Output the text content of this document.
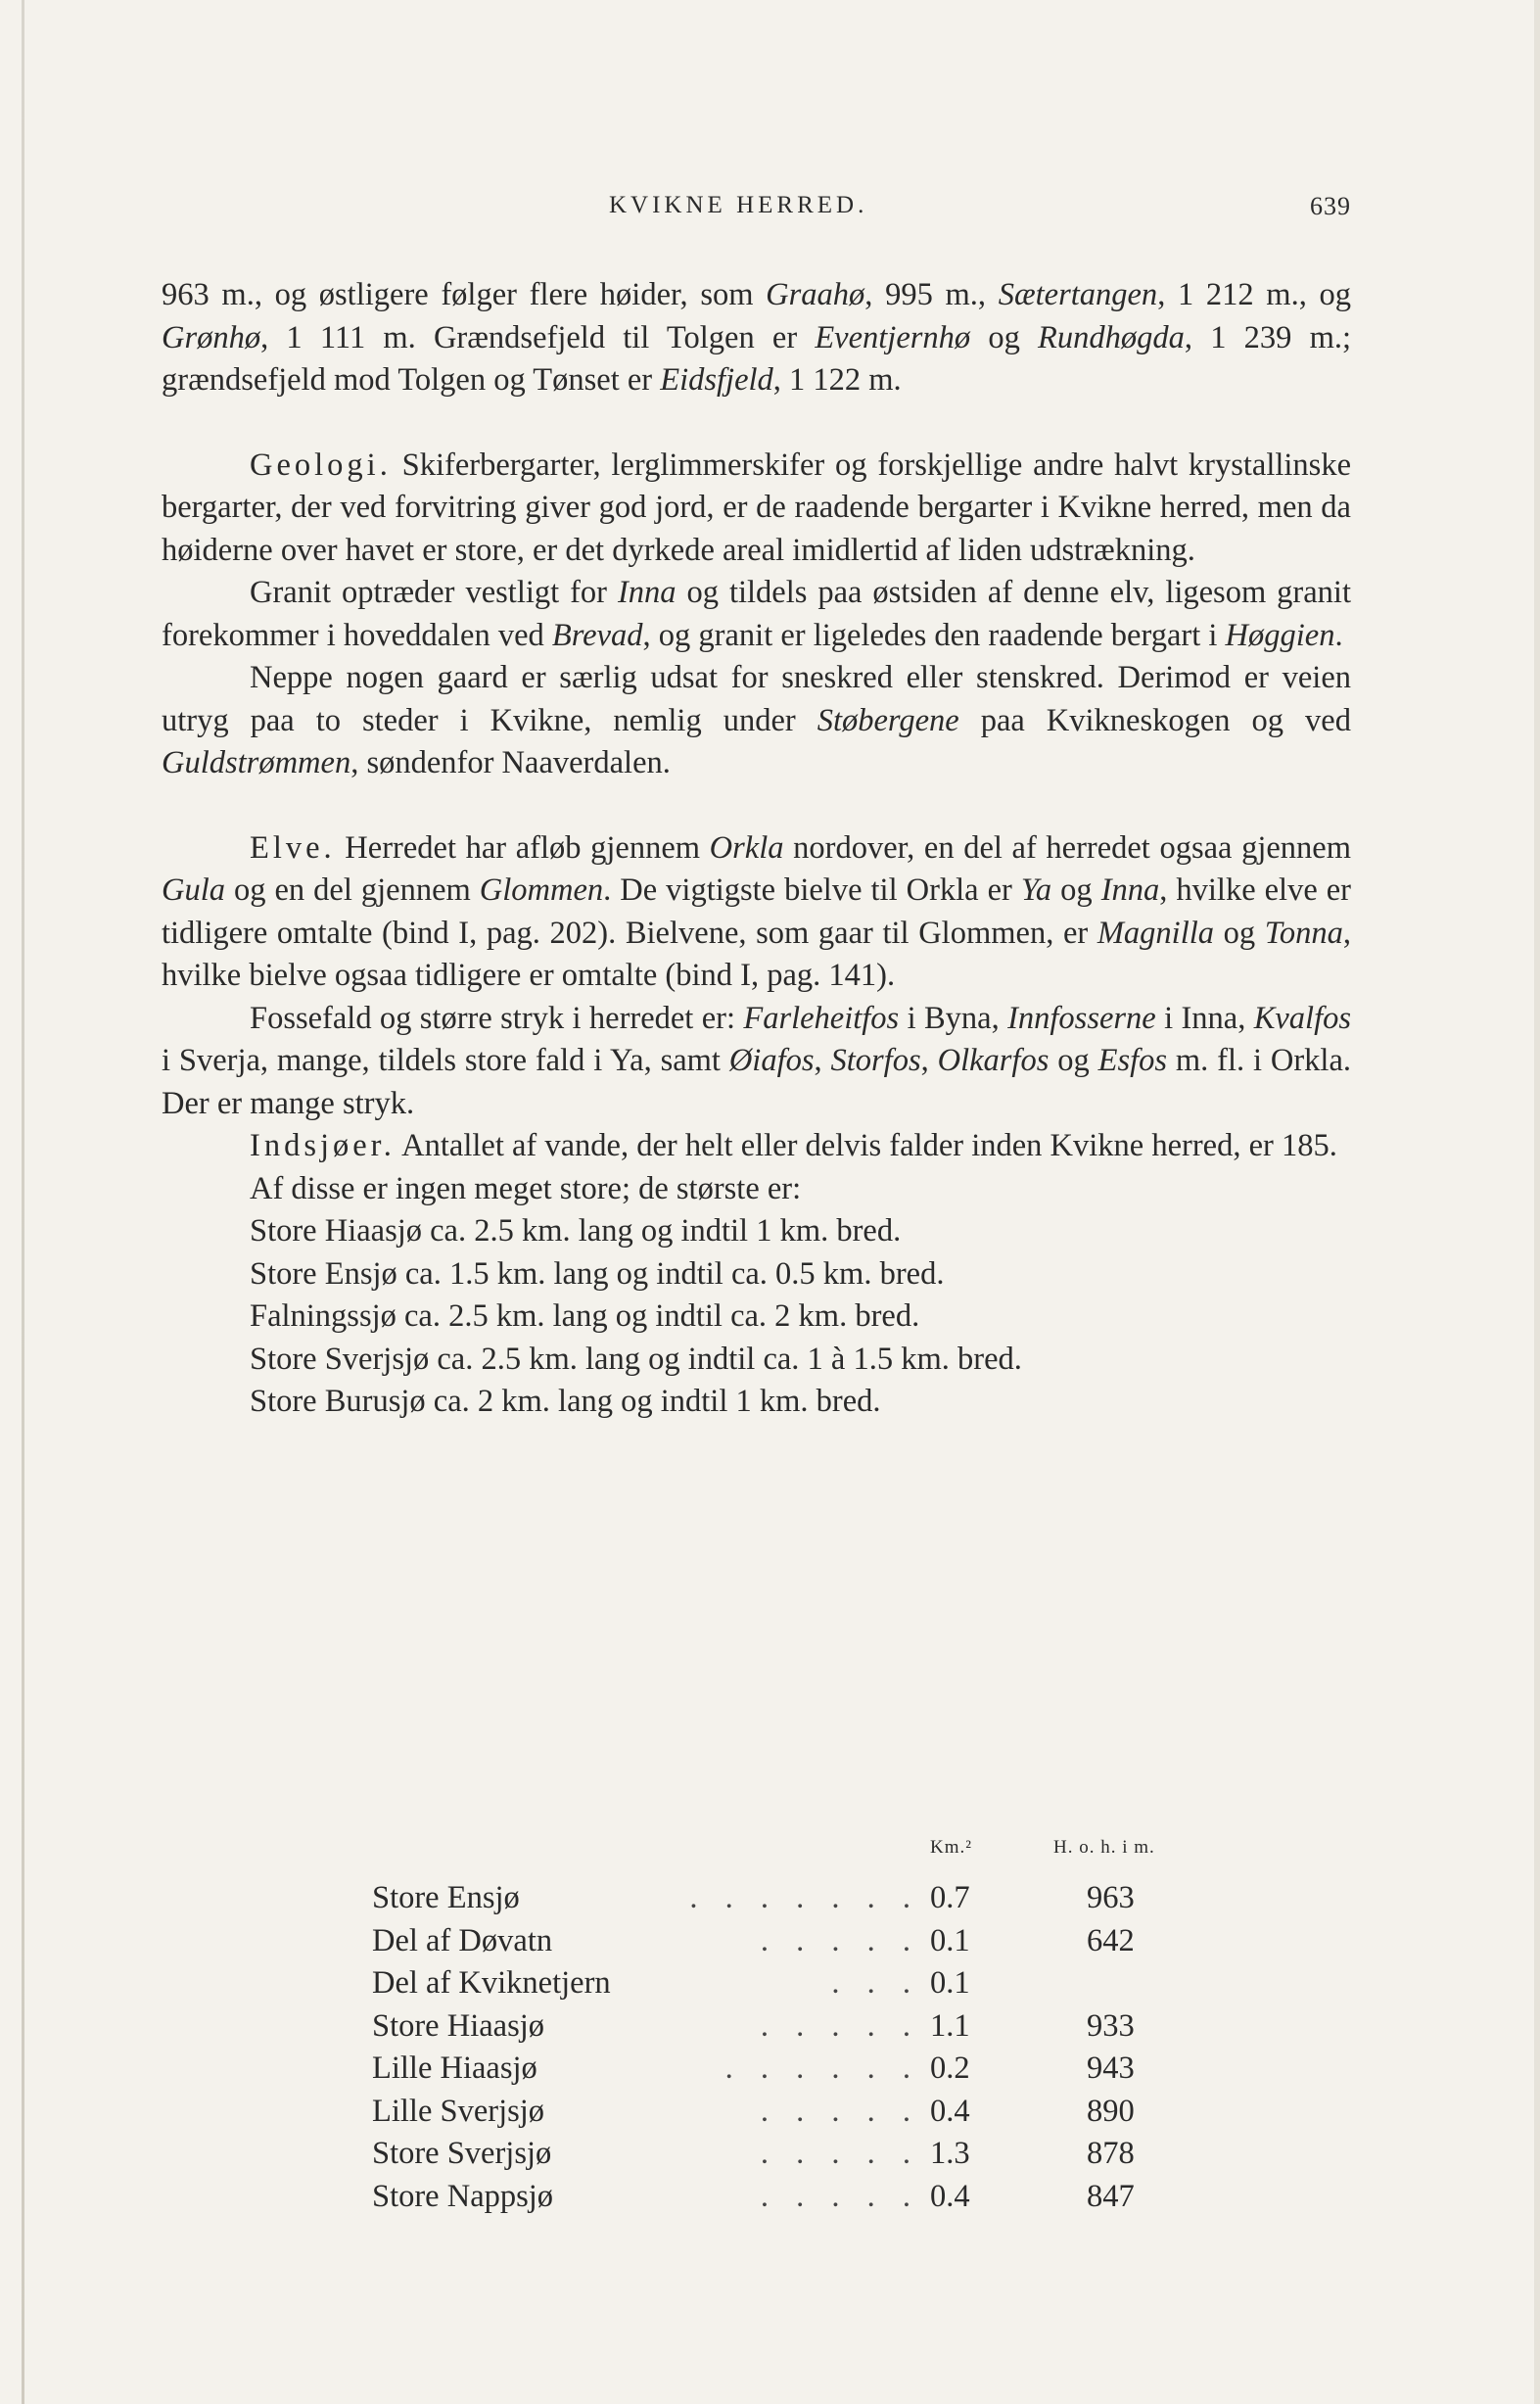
KVIKNE HERRED.	639

963 m., og østligere følger flere høider, som Graahø, 995 m., Sætertangen, 1 212 m., og Grønhø, 1 111 m. Grændsefjeld til Tolgen er Eventjernhø og Rundhøgda, 1 239 m.; grændsefjeld mod Tolgen og Tønset er Eidsfjeld, 1 122 m.

Geologi. Skiferbergarter, lerglimmerskifer og forskjellige andre halvt krystallinske bergarter, der ved forvitring giver god jord, er de raadende bergarter i Kvikne herred, men da høiderne over havet er store, er det dyrkede areal imidlertid af liden udstrækning.

Granit optræder vestligt for Inna og tildels paa østsiden af denne elv, ligesom granit forekommer i hoveddalen ved Brevad, og granit er ligeledes den raadende bergart i Høggien.

Neppe nogen gaard er særlig udsat for sneskred eller stenskred. Derimod er veien utryg paa to steder i Kvikne, nemlig under Støbergene paa Kvikneskogen og ved Guldstrømmen, søndenfor Naaverdalen.

Elve. Herredet har afløb gjennem Orkla nordover, en del af herredet ogsaa gjennem Gula og en del gjennem Glommen. De vigtigste bielve til Orkla er Ya og Inna, hvilke elve er tidligere omtalte (bind I, pag. 202). Bielvene, som gaar til Glommen, er Magnilla og Tonna, hvilke bielve ogsaa tidligere er omtalte (bind I, pag. 141).

Fossefald og større stryk i herredet er: Farleheitfos i Byna, Innfosserne i Inna, Kvalfos i Sverja, mange, tildels store fald i Ya, samt Øiafos, Storfos, Olkarfos og Esfos m. fl. i Orkla. Der er mange stryk.

Indsjøer. Antallet af vande, der helt eller delvis falder inden Kvikne herred, er 185.

Af disse er ingen meget store; de største er:

Store Hiaasjø ca. 2.5 km. lang og indtil 1 km. bred.
Store Ensjø ca. 1.5 km. lang og indtil ca. 0.5 km. bred.
Falningssjø ca. 2.5 km. lang og indtil ca. 2 km. bred.
Store Sverjsjø ca. 2.5 km. lang og indtil ca. 1 à 1.5 km. bred.
Store Burusjø ca. 2 km. lang og indtil 1 km. bred.
Km.²	H. o. h. i m.
Store Ensjø	. . . . . . . 0.7	963
Del af Døvatn	. . . . . 0.1	642
Del af Kviknetjern	. . . 0.1
Store Hiaasjø	. . . . . 1.1	933
Lille Hiaasjø	. . . . . . 0.2	943
Lille Sverjsjø	. . . . . 0.4	890
Store Sverjsjø	. . . . . 1.3	878
Store Nappsjø	. . . . . 0.4	847
